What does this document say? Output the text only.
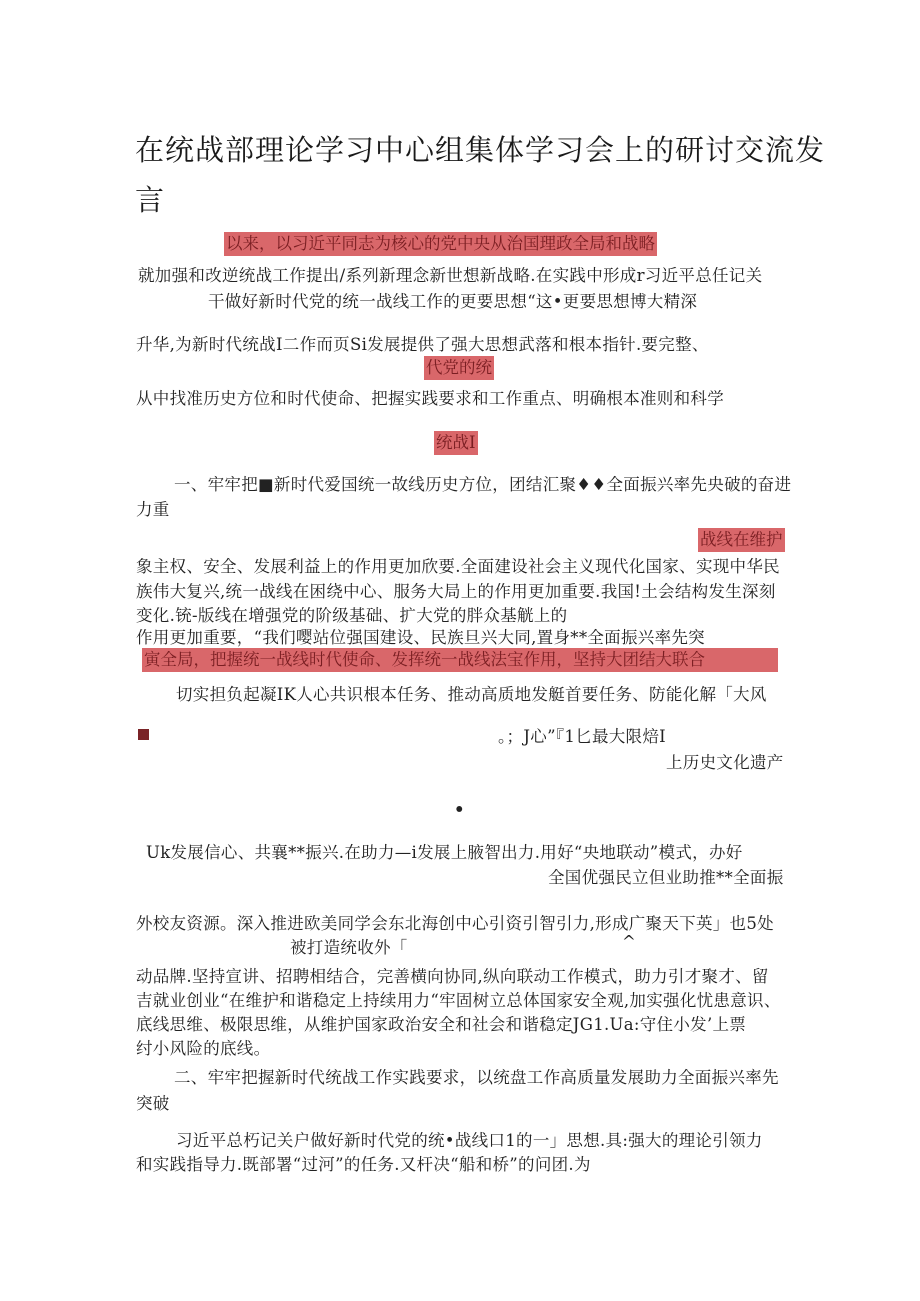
在统战部理论学习中心组集体学习会上的研讨交流发
言
以来，以习近平同志为核心的党中央从治国理政全局和战略
就加强和改逆统战工作提出/系列新理念新世想新战略.在实践中形成r习近平总任记关
干做好新时代党的统一战线工作的更要思想“这•更要思想博大精深
升华,为新时代统战I二作而页Si发展提供了强大思想武落和根本指针.要完整、
代党的统
从中找准历史方位和时代使命、把握实践要求和工作重点、明确根本准则和科学
统战I
一、牢牢把■新时代爱国统一故线历史方位，团结汇聚♦♦全面振兴率先央破的奋进
力重
战线在维护
象主权、安全、发展利益上的作用更加欣要.全面建设社会主义现代化国家、实现中华民
族伟大复兴,统一战线在困绕中心、服务大局上的作用更加重要.我国!土会结构发生深刻
变化.铳-版线在增强党的阶级基础、扩大党的胖众基觥上的
作用更加重要，“我们嘤站位强国建设、民族旦兴大同,置身**全面振兴率先突
寅全局，把握统一战线时代使命、发挥统一战线法宝作用，坚持大团结大联合
切实担负起凝IK人心共识根本任务、推动高质地发艇首要任务、防能化解「大风
。；J心”『1匕最大限焙I
上历史文化遗产
•
Uk发展信心、共襄**振兴.在助力—i发展上腋智出力.用好“央地联动”模式，办好
全国优强民立但业助推**全面振
外校友资源。深入推进欧美同学会东北海创中心引资引智引力,形成广聚天下英」也5处
被打造统收外「	^
动品牌.坚持宣讲、招聘相结合，完善横向协同,纵向联动工作模式，助力引才聚才、留
吉就业创业“在维护和谐稳定上持续用力“牢固树立总体国家安全观,加实强化忧患意识、
底线思维、极限思维，从维护国家政治安全和社会和谐稳定JG1.Ua:守住小发’上票
纣小风险的底线。
二、牢牢把握新时代统战工作实践要求，以统盘工作高质量发展助力全面振兴率先
突破
习近平总朽记关户做好新时代党的统•战线口1的一」思想.具:强大的理论引领力
和实践指导力.既部署“过河”的任务.又杆决“船和桥”的问团.为
